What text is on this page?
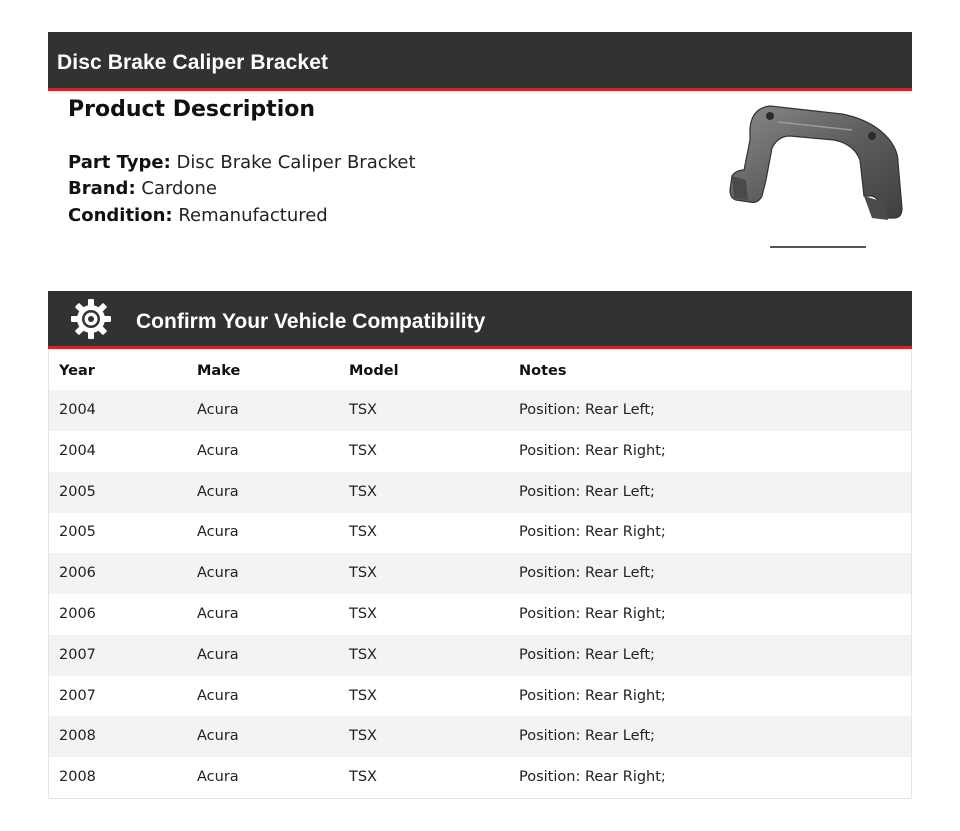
Disc Brake Caliper Bracket
Product Description
Part Type: Disc Brake Caliper Bracket
Brand: Cardone
Condition: Remanufactured
Confirm Your Vehicle Compatibility
Year	Make	Model	Notes
2004	Acura	TSX	Position: Rear Left;
2004	Acura	TSX	Position: Rear Right;
2005	Acura	TSX	Position: Rear Left;
2005	Acura	TSX	Position: Rear Right;
2006	Acura	TSX	Position: Rear Left;
2006	Acura	TSX	Position: Rear Right;
2007	Acura	TSX	Position: Rear Left;
2007	Acura	TSX	Position: Rear Right;
2008	Acura	TSX	Position: Rear Left;
2008	Acura	TSX	Position: Rear Right;
